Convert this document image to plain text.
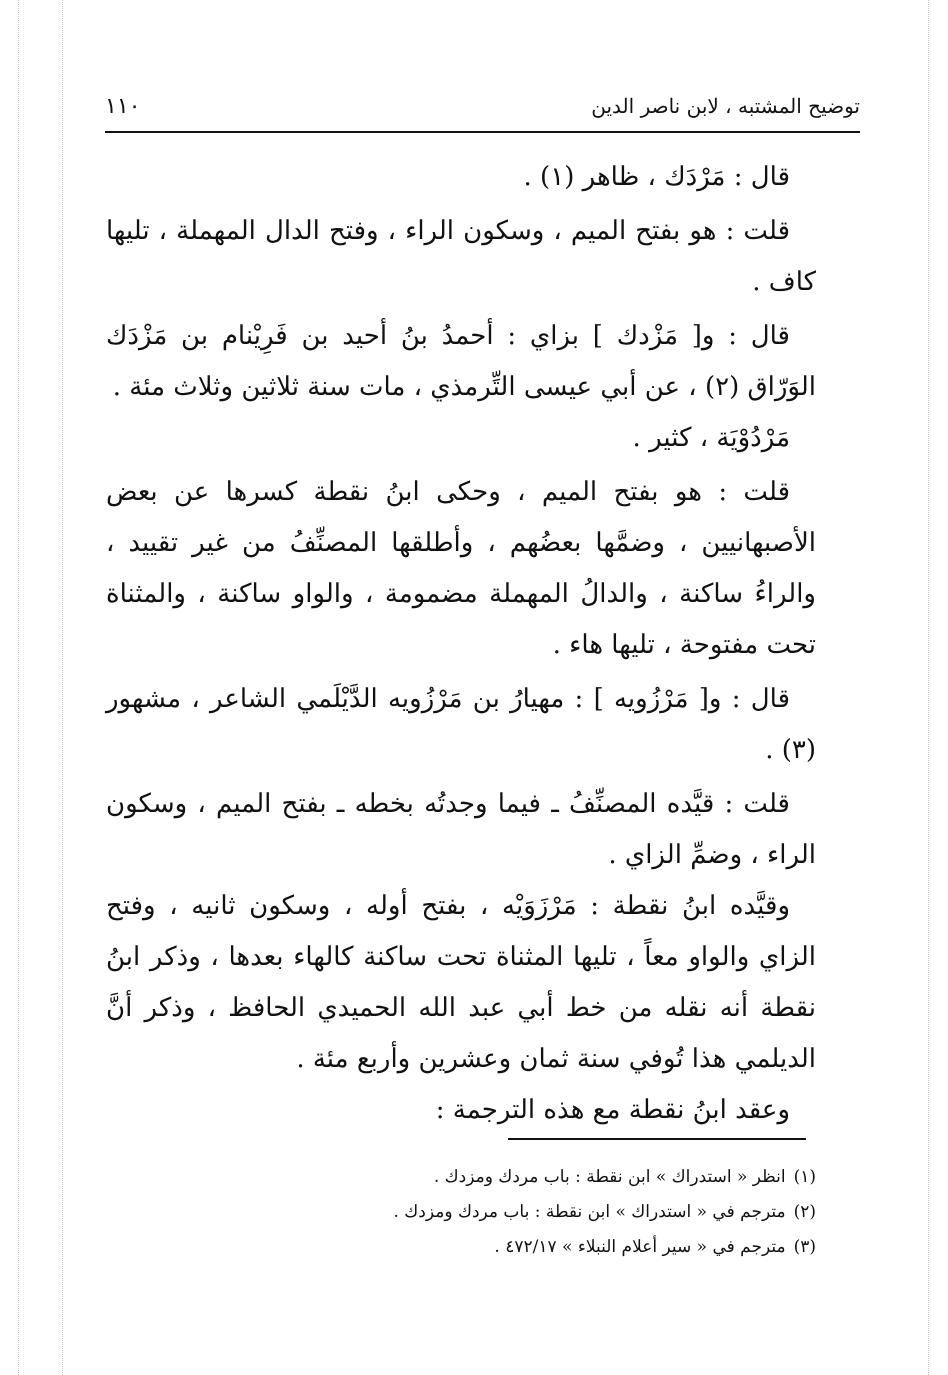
١١٠	توضيح المشتبه ، لابن ناصر الدين

قال : مَرْدَك ، ظاهر (١) .

قلت : هو بفتح الميم ، وسكون الراء ، وفتح الدال المهملة ، تليها كاف .

قال : و[ مَزْدك ] بزاي : أحمدُ بنُ أحيد بن فَرِيْنام بن مَزْدَك الوَرّاق (٢) ، عن أبي عيسى التِّرمذي ، مات سنة ثلاثين وثلاث مئة .

مَرْدُوْيَة ، كثير .

قلت : هو بفتح الميم ، وحكى ابنُ نقطة كسرها عن بعض الأصبهانيين ، وضمَّها بعضُهم ، وأطلقها المصنِّفُ من غير تقييد ، والراءُ ساكنة ، والدالُ المهملة مضمومة ، والواو ساكنة ، والمثناة تحت مفتوحة ، تليها هاء .

قال : و[ مَرْزُويه ] : مهيارُ بن مَرْزُويه الدَّيْلَمي الشاعر ، مشهور (٣) .

قلت : قيَّده المصنِّفُ ـ فيما وجدتُه بخطه ـ بفتح الميم ، وسكون الراء ، وضمِّ الزاي .

وقيَّده ابنُ نقطة : مَرْزَوَيْه ، بفتح أوله ، وسكون ثانيه ، وفتح الزاي والواو معاً ، تليها المثناة تحت ساكنة كالهاء بعدها ، وذكر ابنُ نقطة أنه نقله من خط أبي عبد الله الحميدي الحافظ ، وذكر أنَّ الديلمي هذا تُوفي سنة ثمان وعشرين وأربع مئة .

وعقد ابنُ نقطة مع هذه الترجمة :

(١)انظر « استدراك » ابن نقطة : باب مردك ومزدك .
(٢)مترجم في « استدراك » ابن نقطة : باب مردك ومزدك .
(٣)مترجم في « سير أعلام النبلاء » ٤٧٢/١٧ .
